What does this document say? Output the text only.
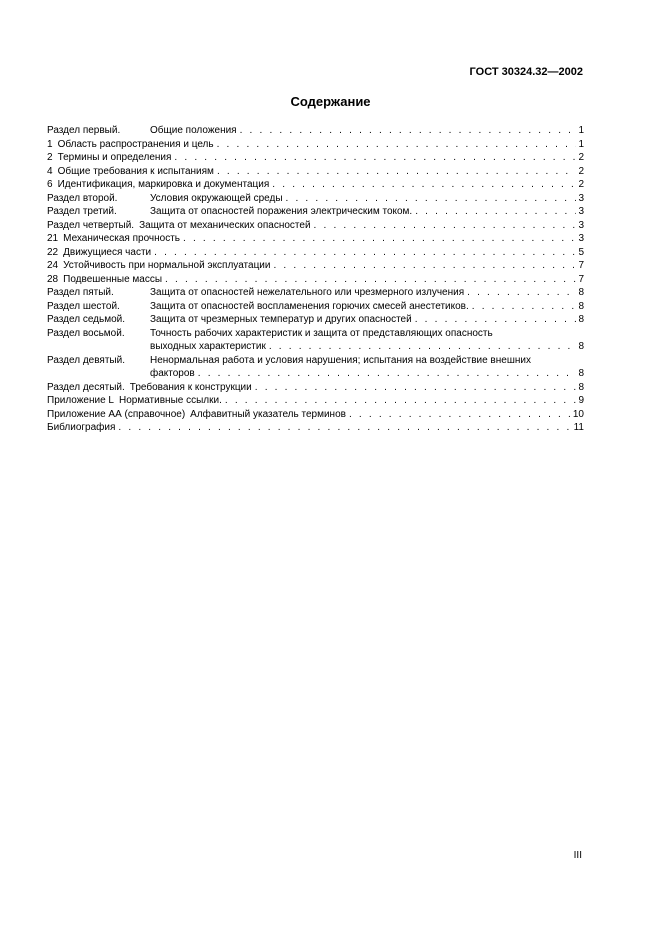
ГОСТ 30324.32—2002
Содержание
Раздел первый.	Общие положения . . .	1
1 Область распространения и цель . . .	1
2 Термины и определения . . .	2
4 Общие требования к испытаниям . . .	2
6 Идентификация, маркировка и документация . . .	2
Раздел второй.	Условия окружающей среды . . .	3
Раздел третий.	Защита от опасностей поражения электрическим током. . . .	3
Раздел четвертый. Защита от механических опасностей . . .	3
21 Механическая прочность . . .	3
22 Движущиеся части . . .	5
24 Устойчивость при нормальной эксплуатации . . .	7
28 Подвешенные массы . . .	7
Раздел пятый.	Защита от опасностей нежелательного или чрезмерного излучения . . .	8
Раздел шестой.	Защита от опасностей воспламенения горючих смесей анестетиков. . . .	8
Раздел седьмой.	Защита от чрезмерных температур и других опасностей . . .	8
Раздел восьмой.	Точность рабочих характеристик и защита от представляющих опасность
выходных характеристик . . .	8
Раздел девятый.	Ненормальная работа и условия нарушения; испытания на воздействие внешних
факторов . . .	8
Раздел десятый. Требования к конструкции . . .	8
Приложение L Нормативные ссылки. . . .	9
Приложение АА (справочное) Алфавитный указатель терминов . . .	10
Библиография . . .	11
III
